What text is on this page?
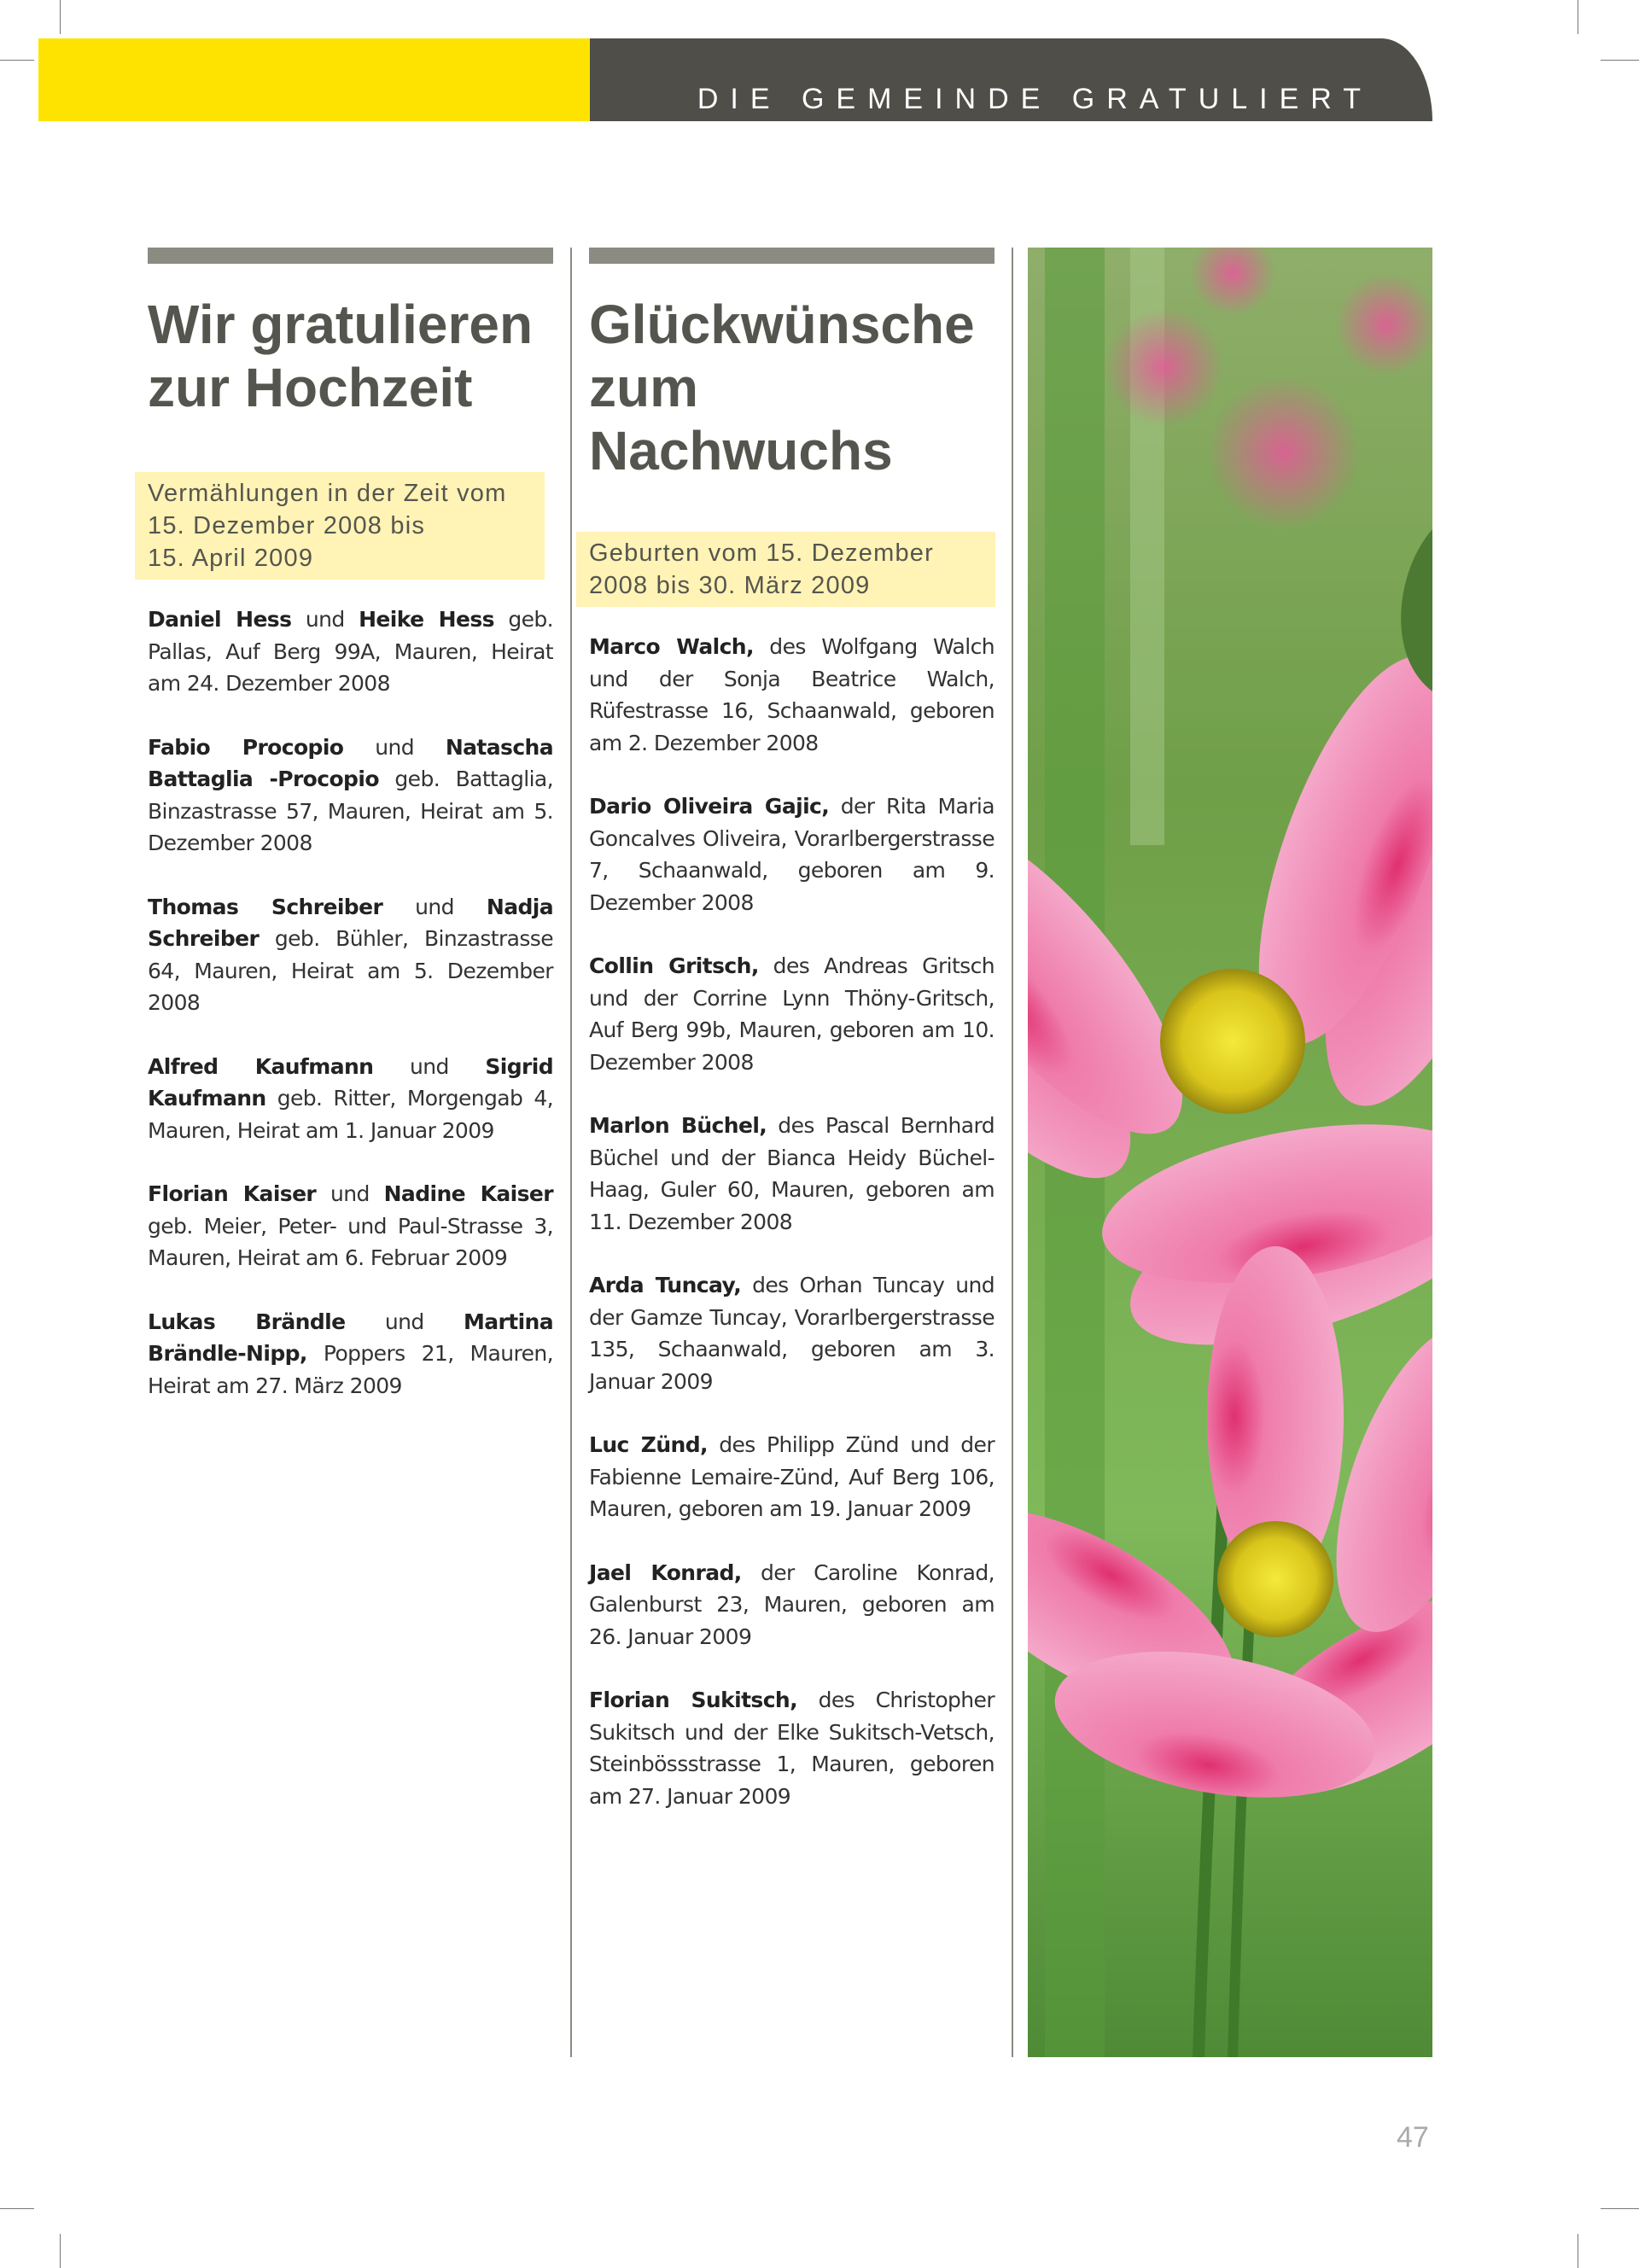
DIE GEMEINDE GRATULIERT
Wir gratulieren
zur Hochzeit
Vermählungen in der Zeit vom
15. Dezember 2008 bis
15. April 2009

Daniel Hess und Heike Hess geb. Pallas, Auf Berg 99A, Mauren, Heirat am 24. Dezember 2008

Fabio Procopio und Natascha Battaglia -Procopio geb. Battaglia, Binzastrasse 57, Mauren, Heirat am 5. Dezember 2008

Thomas Schreiber und Nadja Schreiber geb. Bühler, Binzastrasse 64, Mauren, Heirat am 5. Dezember 2008

Alfred Kaufmann und Sigrid Kaufmann geb. Ritter, Morgengab 4, Mauren, Heirat am 1. Januar 2009

Florian Kaiser und Nadine Kaiser geb. Meier, Peter- und Paul-Strasse 3, Mauren, Heirat am 6. Februar 2009

Lukas Brändle und Martina Brändle-Nipp, Poppers 21, Mauren, Heirat am 27. März 2009

Glückwünsche
zum
Nachwuchs
Geburten vom 15. Dezember
2008 bis 30. März 2009

Marco Walch, des Wolfgang Walch und der Sonja Beatrice Walch, Rüfestrasse 16, Schaanwald, geboren am 2. Dezember 2008

Dario Oliveira Gajic, der Rita Maria Goncalves Oliveira, Vorarlbergerstrasse 7, Schaanwald, geboren am 9. Dezember 2008

Collin Gritsch, des Andreas Gritsch und der Corrine Lynn Thöny-Gritsch, Auf Berg 99b, Mauren, geboren am 10. Dezember 2008

Marlon Büchel, des Pascal Bernhard Büchel und der Bianca Heidy Büchel-Haag, Guler 60, Mauren, geboren am 11. Dezember 2008

Arda Tuncay, des Orhan Tuncay und der Gamze Tuncay, Vorarlbergerstrasse 135, Schaanwald, geboren am 3. Januar 2009

Luc Zünd, des Philipp Zünd und der Fabienne Lemaire-Zünd, Auf Berg 106, Mauren, geboren am 19. Januar 2009

Jael Konrad, der Caroline Konrad, Galenburst 23, Mauren, geboren am 26. Januar 2009

Florian Sukitsch, des Christopher Sukitsch und der Elke Sukitsch-Vetsch, Steinbössstrasse 1, Mauren, geboren am 27. Januar 2009

47
